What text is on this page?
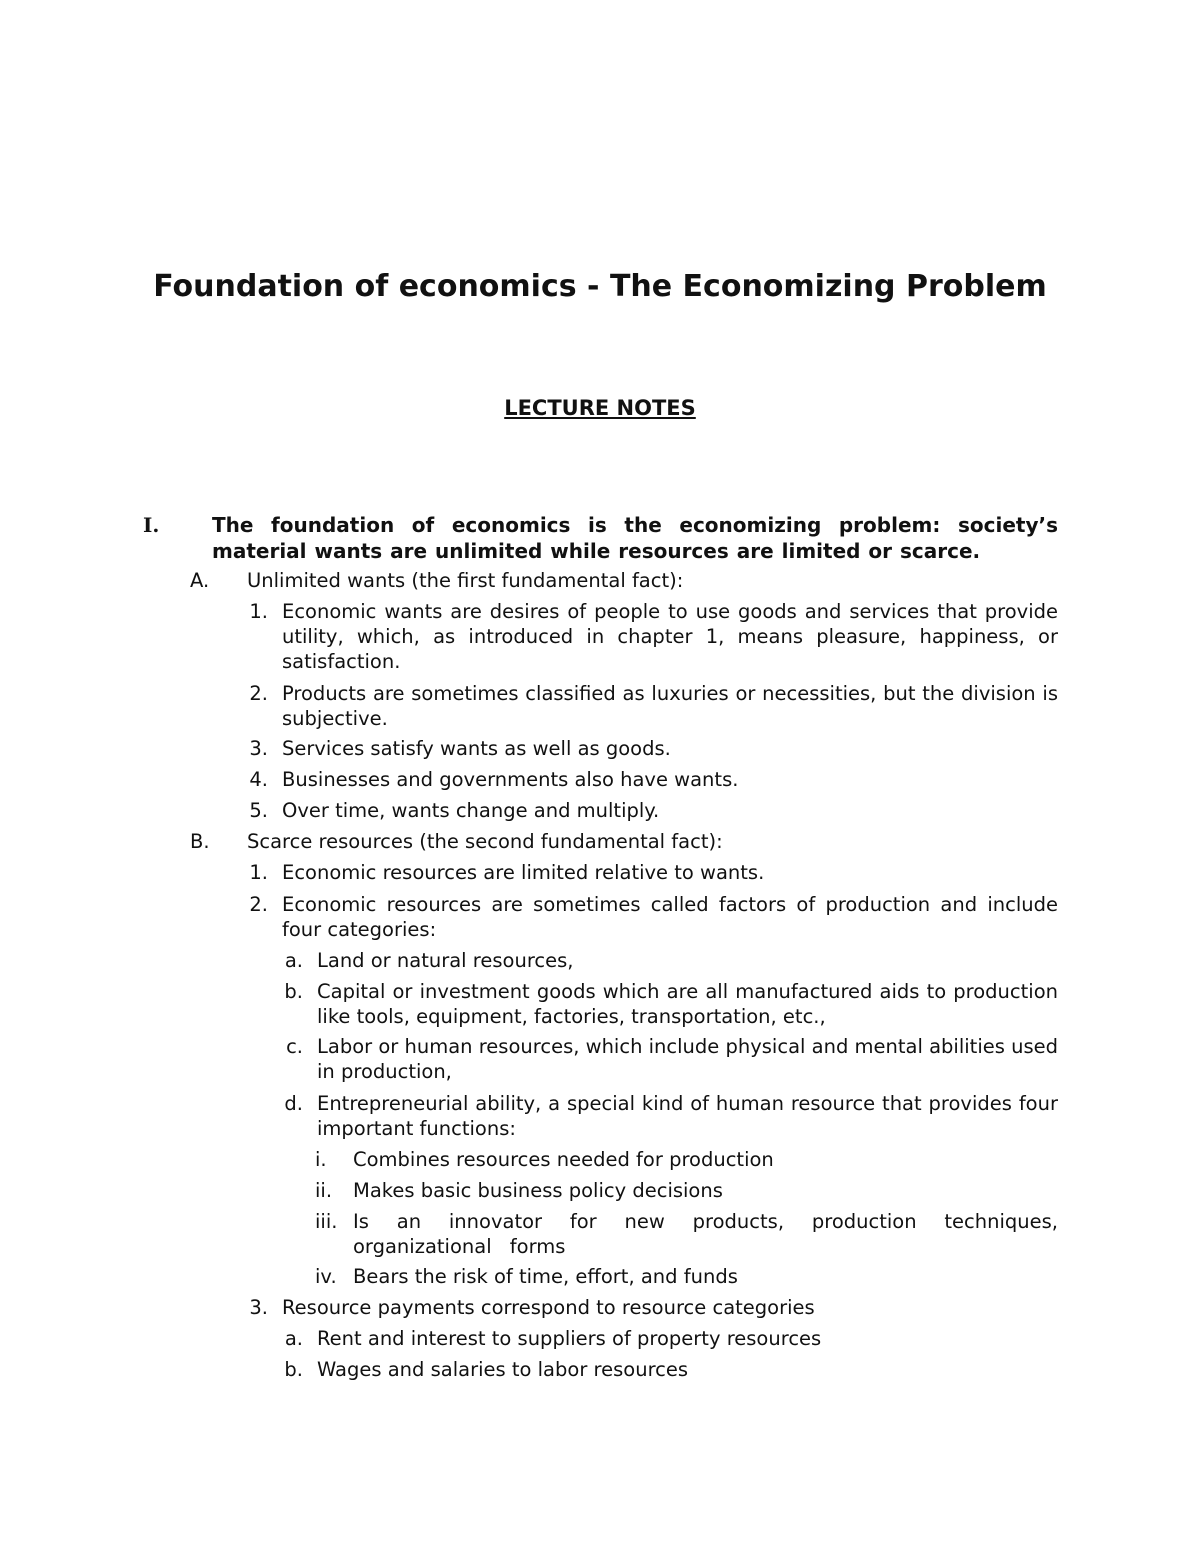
Foundation of economics - The Economizing Problem
LECTURE NOTES
I.	The foundation of economics is the economizing problem: society’s material wants are unlimited while resources are limited or scarce.
A.	Unlimited wants (the first fundamental fact):
1. Economic wants are desires of people to use goods and services that provide utility, which, as introduced in chapter 1, means pleasure, happiness, or satisfaction.
2. Products are sometimes classified as luxuries or necessities, but the division is subjective.
3. Services satisfy wants as well as goods.
4. Businesses and governments also have wants.
5. Over time, wants change and multiply.
B.	Scarce resources (the second fundamental fact):
1. Economic resources are limited relative to wants.
2. Economic resources are sometimes called factors of production and include four categories:
a. Land or natural resources,
b. Capital or investment goods which are all manufactured aids to production like tools, equipment, factories, transportation, etc.,
c. Labor or human resources, which include physical and mental abilities used in production,
d. Entrepreneurial ability, a special kind of human resource that provides four important functions:
i.	Combines resources needed for production
ii. Makes basic business policy decisions
iii. Is an innovator for new products, production techniques, organizational forms
iv. Bears the risk of time, effort, and funds
3. Resource payments correspond to resource categories
a. Rent and interest to suppliers of property resources
b. Wages and salaries to labor resources
